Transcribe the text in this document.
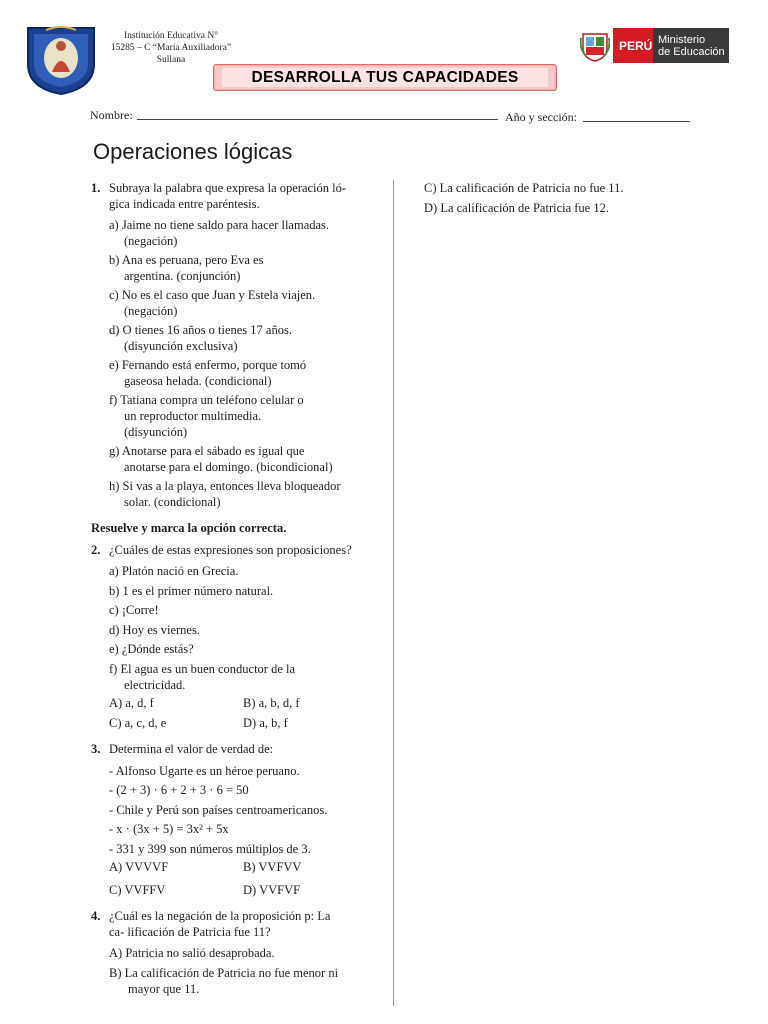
Institución Educativa N°
15285 – C “María Auxiliadora”
Sullana
DESARROLLA TUS CAPACIDADES
PERÚ Ministerio
de Educación
Nombre:	Año y sección:
Operaciones lógicas
1. Subraya la palabra que expresa la operación ló-
gica indicada entre paréntesis.
a) Jaime no tiene saldo para hacer llamadas.
(negación)
b) Ana es peruana, pero Eva es
argentina. (conjunción)
c) No es el caso que Juan y Estela viajen.
(negación)
d) O tienes 16 años o tienes 17 años.
(disyunción exclusiva)
e) Fernando está enfermo, porque tomó
gaseosa helada. (condicional)
f) Tatiana compra un teléfono celular o
un reproductor multimedia.
(disyunción)
g) Anotarse para el sábado es igual que
anotarse para el domingo. (bicondicional)
h) Si vas a la playa, entonces lleva bloqueador
solar. (condicional)
Resuelve y marca la opción correcta.
2. ¿Cuáles de estas expresiones son proposiciones?
a) Platón nació en Grecia.
b) 1 es el primer número natural.
c) ¡Corre!
d) Hoy es viernes.
e) ¿Dónde estás?
f) El agua es un buen conductor de la
electricidad.
A) a, d, f	B) a, b, d, f
C) a, c, d, e	D) a, b, f
3. Determina el valor de verdad de:
- Alfonso Ugarte es un héroe peruano.
- (2 + 3) · 6 + 2 + 3 · 6 = 50
- Chile y Perú son países centroamericanos.
- x · (3x + 5) = 3x² + 5x
- 331 y 399 son números múltiplos de 3.
A) VVVVF	B) VVFVV
C) VVFFV	D) VVFVF
4. ¿Cuál es la negación de la proposición p: La
ca- lificación de Patricia fue 11?
A) Patricia no salió desaprobada.
B) La calificación de Patricia no fue menor ni
mayor que 11.
C) La calificación de Patricia no fue 11.
D) La calificación de Patricia fue 12.
